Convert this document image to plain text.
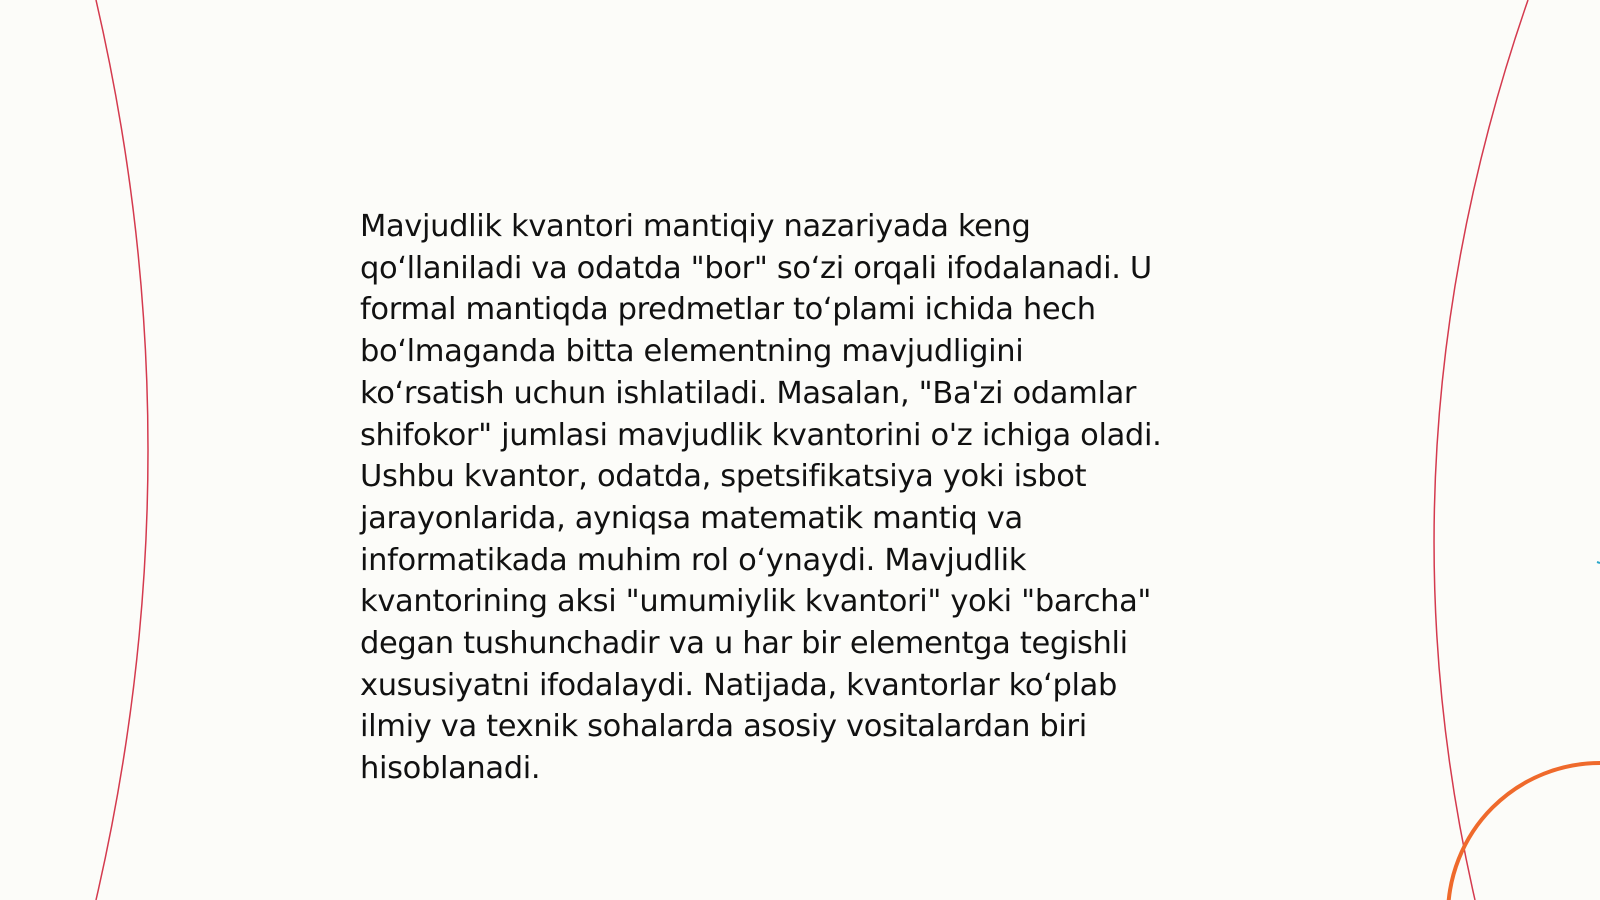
Mavjudlik kvantori mantiqiy nazariyada keng
qoʻllaniladi va odatda "bor" soʻzi orqali ifodalanadi. U
formal mantiqda predmetlar toʻplami ichida hech
boʻlmaganda bitta elementning mavjudligini
koʻrsatish uchun ishlatiladi. Masalan, "Ba'zi odamlar
shifokor" jumlasi mavjudlik kvantorini o'z ichiga oladi.
Ushbu kvantor, odatda, spetsifikatsiya yoki isbot
jarayonlarida, ayniqsa matematik mantiq va
informatikada muhim rol oʻynaydi. Mavjudlik
kvantorining aksi "umumiylik kvantori" yoki "barcha"
degan tushunchadir va u har bir elementga tegishli
xususiyatni ifodalaydi. Natijada, kvantorlar koʻplab
ilmiy va texnik sohalarda asosiy vositalardan biri
hisoblanadi.
